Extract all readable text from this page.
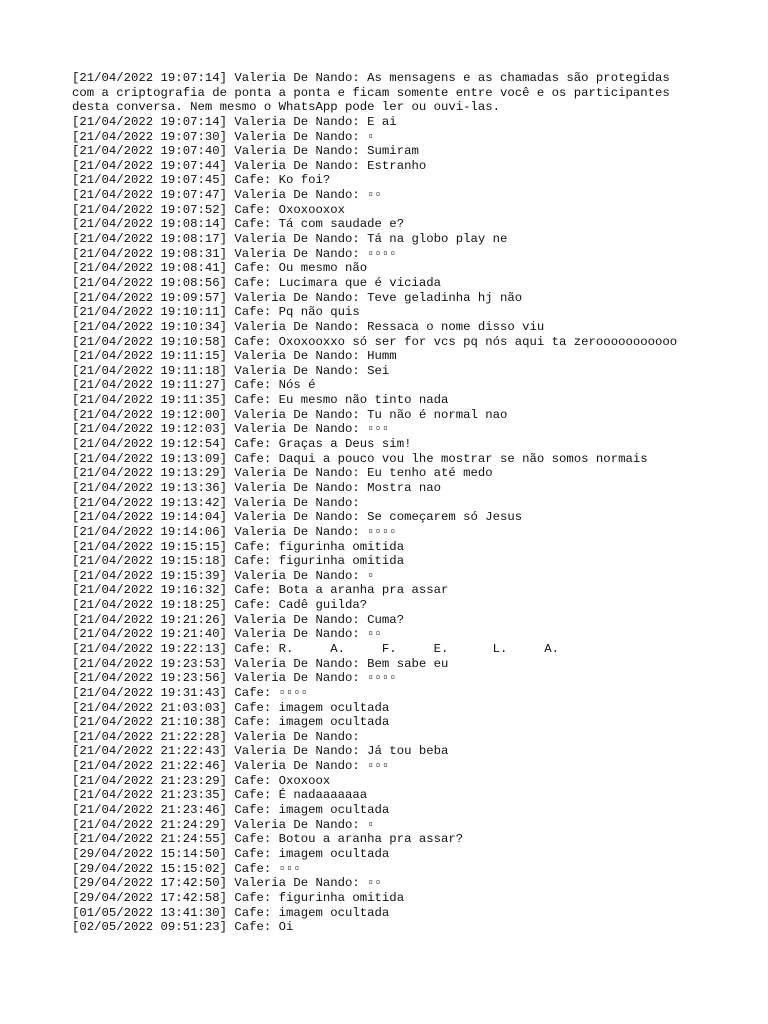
[21/04/2022 19:07:14] Valeria De Nando: As mensagens e as chamadas são protegidas
com a criptografia de ponta a ponta e ficam somente entre você e os participantes
desta conversa. Nem mesmo o WhatsApp pode ler ou ouvi-las.
[21/04/2022 19:07:14] Valeria De Nando: E ai
[21/04/2022 19:07:30] Valeria De Nando: ▫
[21/04/2022 19:07:40] Valeria De Nando: Sumiram
[21/04/2022 19:07:44] Valeria De Nando: Estranho
[21/04/2022 19:07:45] Cafe: Ko foi?
[21/04/2022 19:07:47] Valeria De Nando: ▫▫
[21/04/2022 19:07:52] Cafe: Oxoxooxox
[21/04/2022 19:08:14] Cafe: Tá com saudade e?
[21/04/2022 19:08:17] Valeria De Nando: Tá na globo play ne
[21/04/2022 19:08:31] Valeria De Nando: ▫▫▫▫
[21/04/2022 19:08:41] Cafe: Ou mesmo não
[21/04/2022 19:08:56] Cafe: Lucimara que é viciada
[21/04/2022 19:09:57] Valeria De Nando: Teve geladinha hj não
[21/04/2022 19:10:11] Cafe: Pq não quis
[21/04/2022 19:10:34] Valeria De Nando: Ressaca o nome disso viu
[21/04/2022 19:10:58] Cafe: Oxoxooxxo só ser for vcs pq nós aqui ta zerooooooooooo
[21/04/2022 19:11:15] Valeria De Nando: Humm
[21/04/2022 19:11:18] Valeria De Nando: Sei
[21/04/2022 19:11:27] Cafe: Nós é
[21/04/2022 19:11:35] Cafe: Eu mesmo não tinto nada
[21/04/2022 19:12:00] Valeria De Nando: Tu não é normal nao
[21/04/2022 19:12:03] Valeria De Nando: ▫▫▫
[21/04/2022 19:12:54] Cafe: Graças a Deus sim!
[21/04/2022 19:13:09] Cafe: Daqui a pouco vou lhe mostrar se não somos normais
[21/04/2022 19:13:29] Valeria De Nando: Eu tenho até medo
[21/04/2022 19:13:36] Valeria De Nando: Mostra nao
[21/04/2022 19:13:42] Valeria De Nando:
[21/04/2022 19:14:04] Valeria De Nando: Se começarem só Jesus
[21/04/2022 19:14:06] Valeria De Nando: ▫▫▫▫
[21/04/2022 19:15:15] Cafe: figurinha omitida
[21/04/2022 19:15:18] Cafe: figurinha omitida
[21/04/2022 19:15:39] Valeria De Nando: ▫
[21/04/2022 19:16:32] Cafe: Bota a aranha pra assar
[21/04/2022 19:18:25] Cafe: Cadê guilda?
[21/04/2022 19:21:26] Valeria De Nando: Cuma?
[21/04/2022 19:21:40] Valeria De Nando: ▫▫
[21/04/2022 19:22:13] Cafe: R.     A.     F.     E.      L.     A.
[21/04/2022 19:23:53] Valeria De Nando: Bem sabe eu
[21/04/2022 19:23:56] Valeria De Nando: ▫▫▫▫
[21/04/2022 19:31:43] Cafe: ▫▫▫▫
[21/04/2022 21:03:03] Cafe: imagem ocultada
[21/04/2022 21:10:38] Cafe: imagem ocultada
[21/04/2022 21:22:28] Valeria De Nando:
[21/04/2022 21:22:43] Valeria De Nando: Já tou beba
[21/04/2022 21:22:46] Valeria De Nando: ▫▫▫
[21/04/2022 21:23:29] Cafe: Oxoxoox
[21/04/2022 21:23:35] Cafe: É nadaaaaaaa
[21/04/2022 21:23:46] Cafe: imagem ocultada
[21/04/2022 21:24:29] Valeria De Nando: ▫
[21/04/2022 21:24:55] Cafe: Botou a aranha pra assar?
[29/04/2022 15:14:50] Cafe: imagem ocultada
[29/04/2022 15:15:02] Cafe: ▫▫▫
[29/04/2022 17:42:50] Valeria De Nando: ▫▫
[29/04/2022 17:42:58] Cafe: figurinha omitida
[01/05/2022 13:41:30] Cafe: imagem ocultada
[02/05/2022 09:51:23] Cafe: Oi
